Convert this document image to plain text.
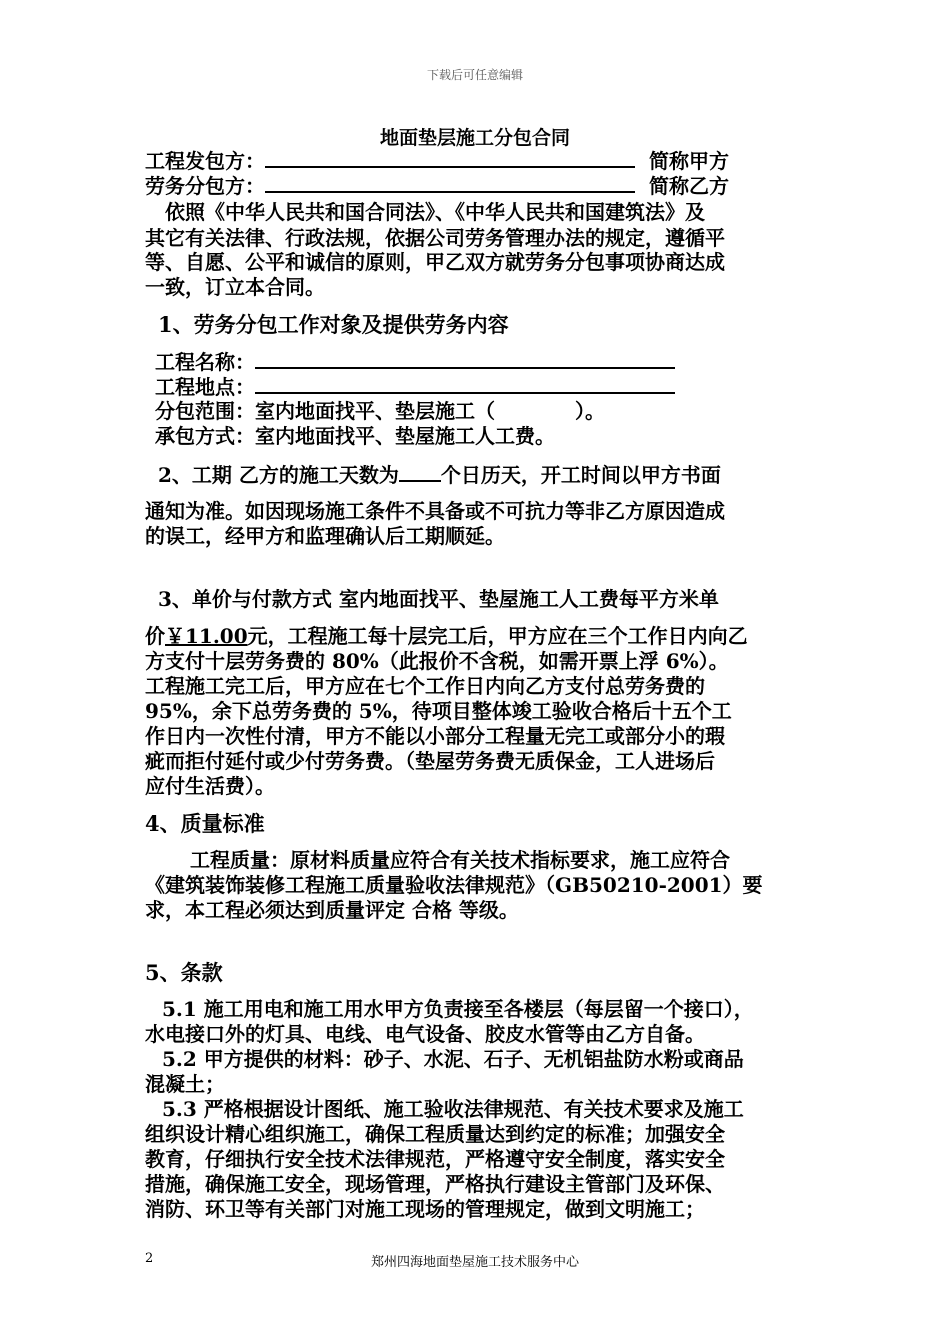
下载后可任意编辑
地面垫层施工分包合同
工程发包方：	简称甲方
劳务分包方：	简称乙方
依照《中华人民共和国合同法》、《中华人民共和国建筑法》及
其它有关法律、行政法规，依据公司劳务管理办法的规定，遵循平
等、自愿、公平和诚信的原则，甲乙双方就劳务分包事项协商达成
一致，订立本合同。
1、劳务分包工作对象及提供劳务内容
工程名称：
工程地点：
分包范围：室内地面找平、垫层施工（　　　　）。
承包方式：室内地面找平、垫屋施工人工费。
2、工期 乙方的施工天数为 个日历天，开工时间以甲方书面
通知为准。如因现场施工条件不具备或不可抗力等非乙方原因造成
的误工，经甲方和监理确认后工期顺延。
3、单价与付款方式 室内地面找平、垫屋施工人工费每平方米单
价￥11.00元，工程施工每十层完工后，甲方应在三个工作日内向乙
方支付十层劳务费的 80%（此报价不含税，如需开票上浮 6%）。
工程施工完工后，甲方应在七个工作日内向乙方支付总劳务费的
95%，余下总劳务费的 5%，待项目整体竣工验收合格后十五个工
作日内一次性付清，甲方不能以小部分工程量无完工或部分小的瑕
疵而拒付延付或少付劳务费。（垫屋劳务费无质保金，工人进场后
应付生活费）。
4、质量标准
工程质量：原材料质量应符合有关技术指标要求，施工应符合
《建筑装饰装修工程施工质量验收法律规范》（GB50210-2001）要
求，本工程必须达到质量评定 合格 等级。
5、条款
5.1 施工用电和施工用水甲方负责接至各楼层（每层留一个接口），
水电接口外的灯具、电线、电气设备、胶皮水管等由乙方自备。
5.2 甲方提供的材料：砂子、水泥、石子、无机铝盐防水粉或商品
混凝土；
5.3 严格根据设计图纸、施工验收法律规范、有关技术要求及施工
组织设计精心组织施工，确保工程质量达到约定的标准；加强安全
教育，仔细执行安全技术法律规范，严格遵守安全制度，落实安全
措施，确保施工安全，现场管理，严格执行建设主管部门及环保、
消防、环卫等有关部门对施工现场的管理规定，做到文明施工；
2	郑州四海地面垫屋施工技术服务中心
